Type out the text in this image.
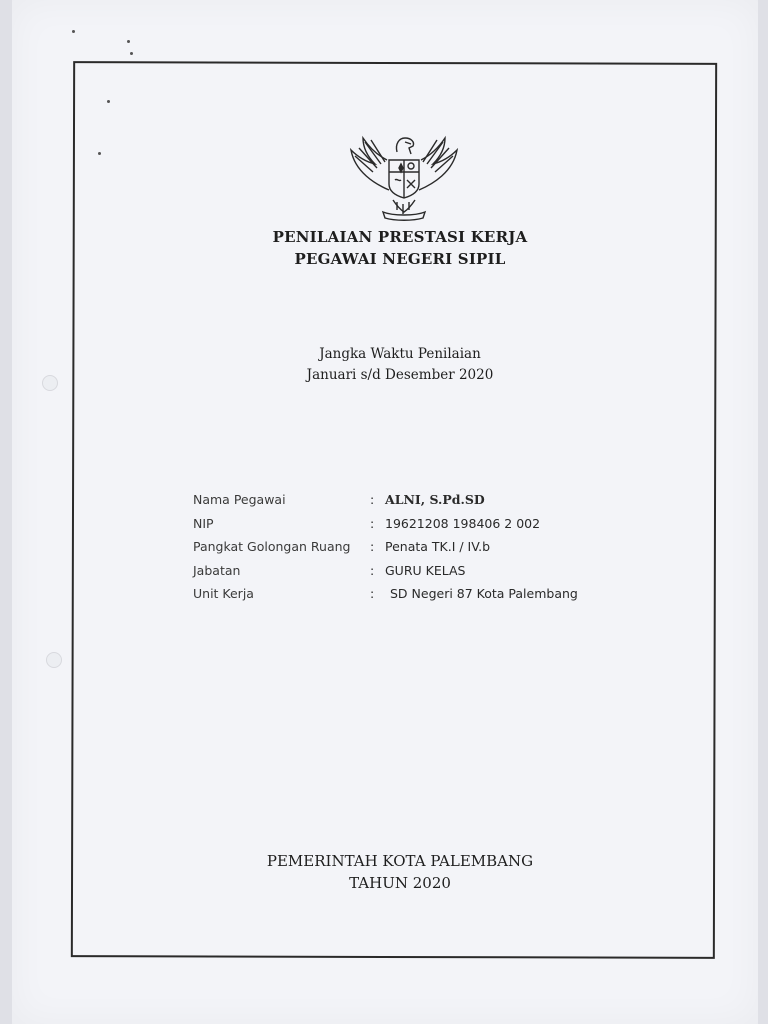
PENILAIAN PRESTASI KERJA
PEGAWAI NEGERI SIPIL
Jangka Waktu Penilaian
Januari s/d Desember 2020
Nama Pegawai	: ALNI, S.Pd.SD
NIP	: 19621208 198406 2 002
Pangkat Golongan Ruang : Penata TK.I / IV.b
Jabatan	: GURU KELAS
Unit Kerja	: SD Negeri 87 Kota Palembang
PEMERINTAH KOTA PALEMBANG
TAHUN 2020
